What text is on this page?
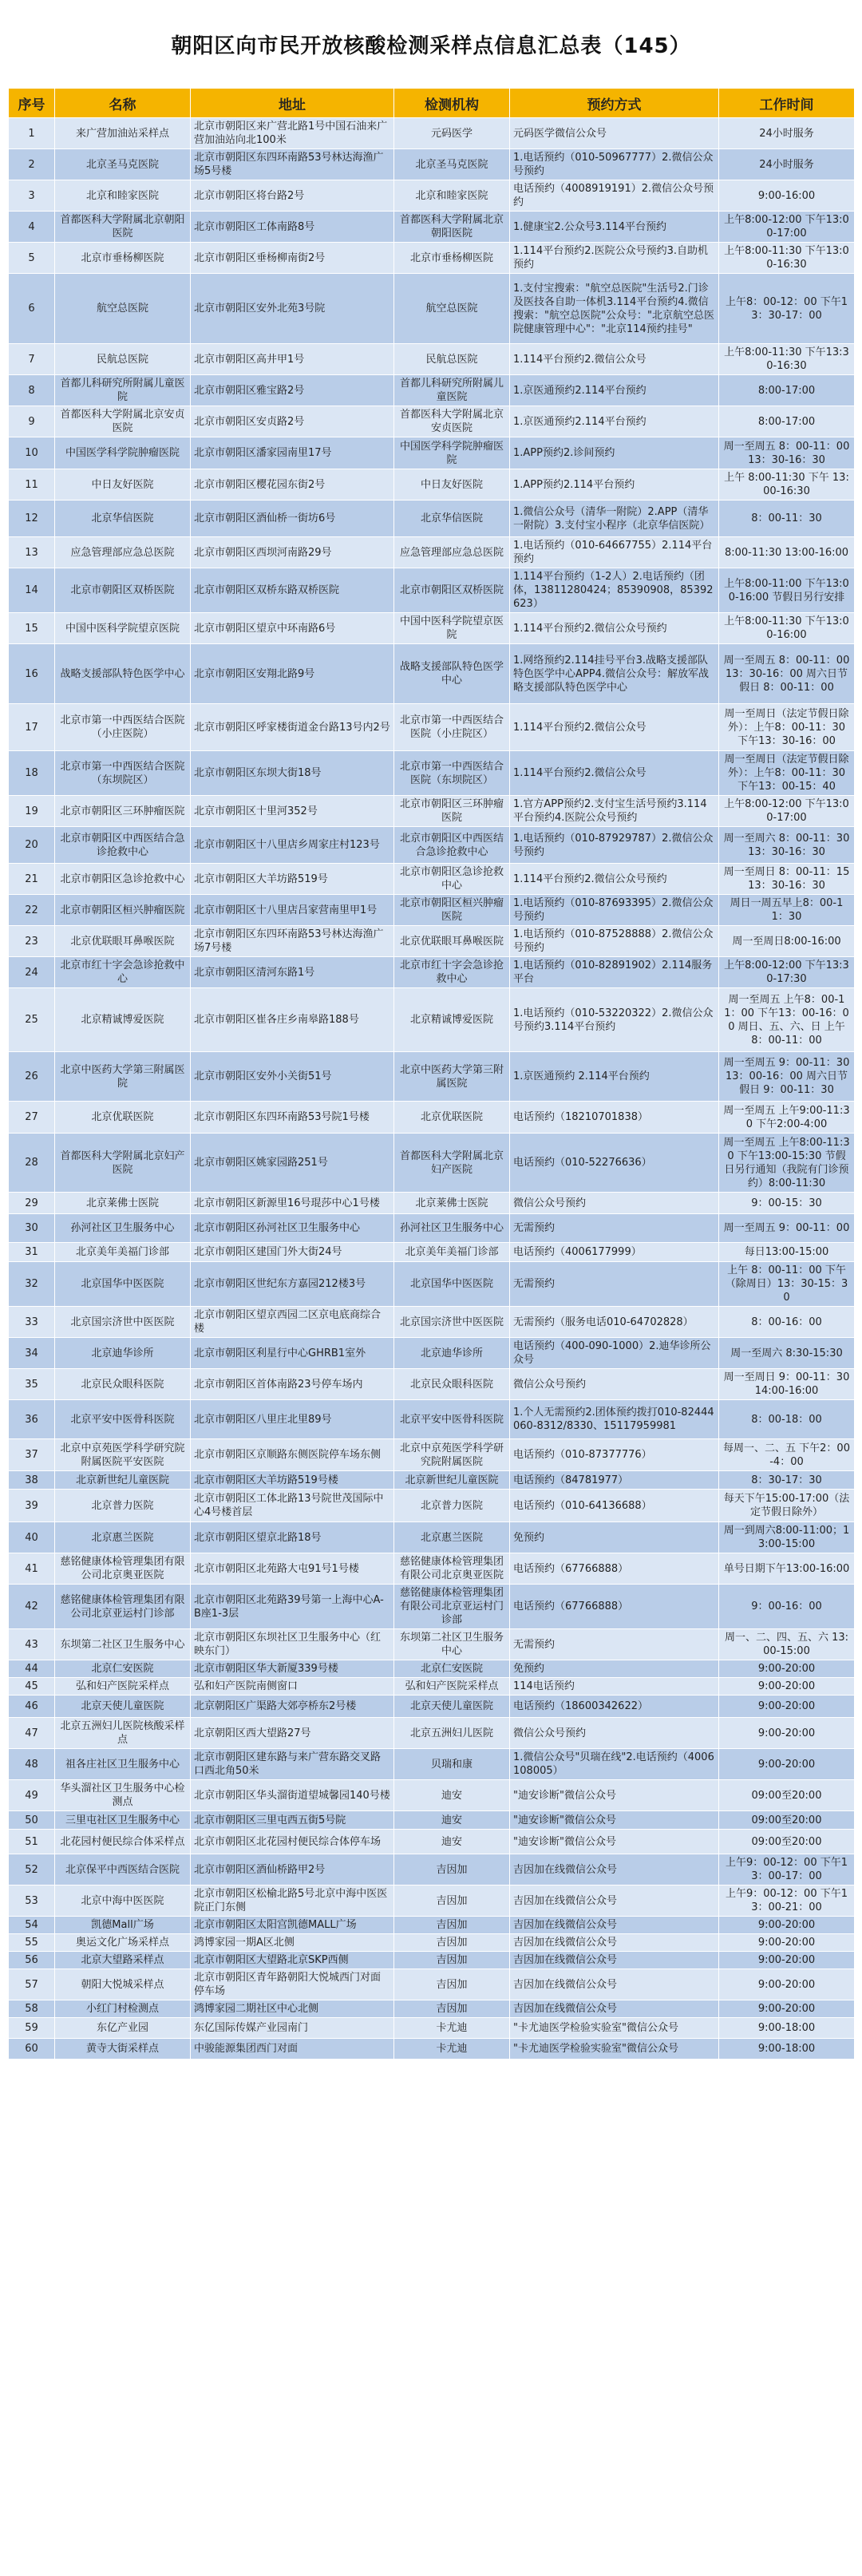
朝阳区向市民开放核酸检测采样点信息汇总表（145）
序号	名称	地址	检测机构	预约方式	工作时间
1	来广营加油站采样点	北京市朝阳区来广营北路1号中国石油来广营加油站向北100米	元码医学	元码医学微信公众号	24小时服务
2	北京圣马克医院	北京市朝阳区东四环南路53号林达海渔广场5号楼	北京圣马克医院	1.电话预约（010-50967777）2.微信公众号预约	24小时服务
3	北京和睦家医院	北京市朝阳区将台路2号	北京和睦家医院	电话预约（4008919191）2.微信公众号预约	9:00-16:00
4	首都医科大学附属北京朝阳医院	北京市朝阳区工体南路8号	首都医科大学附属北京朝阳医院	1.健康宝2.公众号3.114平台预约	上午8:00-12:00 下午13:00-17:00
5	北京市垂杨柳医院	北京市朝阳区垂杨柳南街2号	北京市垂杨柳医院	1.114平台预约2.医院公众号预约3.自助机预约	上午8:00-11:30 下午13:00-16:30
6	航空总医院	北京市朝阳区安外北苑3号院	航空总医院	1.支付宝搜索："航空总医院"生活号2.门诊及医技各自助一体机3.114平台预约4.微信搜索："航空总医院"公众号："北京航空总医院健康管理中心"："北京114预约挂号"	上午8：00-12：00 下午13：30-17：00
7	民航总医院	北京市朝阳区高井甲1号	民航总医院	1.114平台预约2.微信公众号	上午8:00-11:30 下午13:30-16:30
8	首都儿科研究所附属儿童医院	北京市朝阳区雅宝路2号	首都儿科研究所附属儿童医院	1.京医通预约2.114平台预约	8:00-17:00
9	首都医科大学附属北京安贞医院	北京市朝阳区安贞路2号	首都医科大学附属北京安贞医院	1.京医通预约2.114平台预约	8:00-17:00
10	中国医学科学院肿瘤医院	北京市朝阳区潘家园南里17号	中国医学科学院肿瘤医院	1.APP预约2.诊间预约	周一至周五 8：00-11：00 13：30-16：30
11	中日友好医院	北京市朝阳区樱花园东街2号	中日友好医院	1.APP预约2.114平台预约	上午 8:00-11:30 下午 13:00-16:30
12	北京华信医院	北京市朝阳区酒仙桥一街坊6号	北京华信医院	1.微信公众号（清华一附院）2.APP（清华一附院）3.支付宝小程序（北京华信医院）	8：00-11：30
13	应急管理部应急总医院	北京市朝阳区西坝河南路29号	应急管理部应急总医院	1.电话预约（010-64667755）2.114平台预约	8:00-11:30 13:00-16:00
14	北京市朝阳区双桥医院	北京市朝阳区双桥东路双桥医院	北京市朝阳区双桥医院	1.114平台预约（1-2人）2.电话预约（团体，13811280424；85390908，85392623）	上午8:00-11:00 下午13:00-16:00 节假日另行安排
15	中国中医科学院望京医院	北京市朝阳区望京中环南路6号	中国中医科学院望京医院	1.114平台预约2.微信公众号预约	上午8:00-11:30 下午13:00-16:00
16	战略支援部队特色医学中心	北京市朝阳区安翔北路9号	战略支援部队特色医学中心	1.网络预约2.114挂号平台3.战略支援部队特色医学中心APP4.微信公众号：解放军战略支援部队特色医学中心	周一至周五 8：00-11：00 13：30-16：00 周六日节假日 8：00-11：00
17	北京市第一中西医结合医院（小庄医院）	北京市朝阳区呼家楼街道金台路13号内2号	北京市第一中西医结合医院（小庄院区）	1.114平台预约2.微信公众号	周一至周日（法定节假日除外）：上午8：00-11：30 下午13：30-16：00
18	北京市第一中西医结合医院（东坝院区）	北京市朝阳区东坝大街18号	北京市第一中西医结合医院（东坝院区）	1.114平台预约2.微信公众号	周一至周日（法定节假日除外）：上午8：00-11：30 下午13：00-15：40
19	北京市朝阳区三环肿瘤医院	北京市朝阳区十里河352号	北京市朝阳区三环肿瘤医院	1.官方APP预约2.支付宝生活号预约3.114平台预约4.医院公众号预约	上午8:00-12:00 下午13:00-17:00
20	北京市朝阳区中西医结合急诊抢救中心	北京市朝阳区十八里店乡周家庄村123号	北京市朝阳区中西医结合急诊抢救中心	1.电话预约（010-87929787）2.微信公众号预约	周一至周六 8：00-11：30 13：30-16：30
21	北京市朝阳区急诊抢救中心	北京市朝阳区大羊坊路519号	北京市朝阳区急诊抢救中心	1.114平台预约2.微信公众号预约	周一至周日 8：00-11：15 13：30-16：30
22	北京市朝阳区桓兴肿瘤医院	北京市朝阳区十八里店吕家营南里甲1号	北京市朝阳区桓兴肿瘤医院	1.电话预约（010-87693395）2.微信公众号预约	周日一周五早上8：00-11：30
23	北京优联眼耳鼻喉医院	北京市朝阳区东四环南路53号林达海渔广场7号楼	北京优联眼耳鼻喉医院	1.电话预约（010-87528888）2.微信公众号预约	周一至周日8:00-16:00
24	北京市红十字会急诊抢救中心	北京市朝阳区清河东路1号	北京市红十字会急诊抢救中心	1.电话预约（010-82891902）2.114服务平台	上午8:00-12:00 下午13:30-17:30
25	北京精诚博爱医院	北京市朝阳区崔各庄乡南皋路188号	北京精诚博爱医院	1.电话预约（010-53220322）2.微信公众号预约3.114平台预约	周一至周五 上午8：00-11：00 下午13：00-16：00 周日、五、六、日 上午8：00-11：00
26	北京中医药大学第三附属医院	北京市朝阳区安外小关街51号	北京中医药大学第三附属医院	1.京医通预约 2.114平台预约	周一至周五 9：00-11：30 13：00-16：00 周六日节假日 9：00-11：30
27	北京优联医院	北京市朝阳区东四环南路53号院1号楼	北京优联医院	电话预约（18210701838）	周一至周五 上午9:00-11:30 下午2:00-4:00
28	首都医科大学附属北京妇产医院	北京市朝阳区姚家园路251号	首都医科大学附属北京妇产医院	电话预约（010-52276636）	周一至周五 上午8:00-11:30 下午13:00-15:30 节假日另行通知（我院有门诊预约）8:00-11:30
29	北京莱佛士医院	北京市朝阳区新源里16号琨莎中心1号楼	北京莱佛士医院	微信公众号预约	9：00-15：30
30	孙河社区卫生服务中心	北京市朝阳区孙河社区卫生服务中心	孙河社区卫生服务中心	无需预约	周一至周五 9：00-11：00
31	北京美年美福门诊部	北京市朝阳区建国门外大街24号	北京美年美福门诊部	电话预约（4006177999）	每日13:00-15:00
32	北京国华中医医院	北京市朝阳区世纪东方嘉园212楼3号	北京国华中医医院	无需预约	上午 8：00-11：00 下午（除周日）13：30-15：30
33	北京国宗济世中医医院	北京市朝阳区望京西园二区京电底商综合楼	北京国宗济世中医医院	无需预约（服务电话010-64702828）	8：00-16：00
34	北京迪华诊所	北京市朝阳区利星行中心GHRB1室外	北京迪华诊所	电话预约（400-090-1000）2.迪华诊所公众号	周一至周六 8:30-15:30
35	北京民众眼科医院	北京市朝阳区首体南路23号停车场内	北京民众眼科医院	微信公众号预约	周一至周日 9：00-11：30 14:00-16:00
36	北京平安中医骨科医院	北京市朝阳区八里庄北里89号	北京平安中医骨科医院	1.个人无需预约2.团体预约拨打010-82444060-8312/8330、15117959981	8：00-18：00
37	北京中京苑医学科学研究院附属医院平安医院	北京市朝阳区京顺路东侧医院停车场东侧	北京中京苑医学科学研究院附属医院	电话预约（010-87377776）	每周一、二、五 下午2：00-4：00
38	北京新世纪儿童医院	北京市朝阳区大羊坊路519号楼	北京新世纪儿童医院	电话预约（84781977）	8：30-17：30
39	北京普力医院	北京市朝阳区工体北路13号院世茂国际中心4号楼首层	北京普力医院	电话预约（010-64136688）	每天下午15:00-17:00（法定节假日除外）
40	北京惠兰医院	北京市朝阳区望京北路18号	北京惠兰医院	免预约	周一到周六8:00-11:00；13:00-15:00
41	慈铭健康体检管理集团有限公司北京奥亚医院	北京市朝阳区北苑路大屯91号1号楼	慈铭健康体检管理集团有限公司北京奥亚医院	电话预约（67766888）	单号日期下午13:00-16:00
42	慈铭健康体检管理集团有限公司北京亚运村门诊部	北京市朝阳区北苑路39号第一上海中心A-B座1-3层	慈铭健康体检管理集团有限公司北京亚运村门诊部	电话预约（67766888）	9：00-16：00
43	东坝第二社区卫生服务中心	北京市朝阳区东坝社区卫生服务中心（红映东门）	东坝第二社区卫生服务中心	无需预约	周一、二、四、五、六 13:00-15:00
44	北京仁安医院	北京市朝阳区华大新厦339号楼	北京仁安医院	免预约	9:00-20:00
45	弘和妇产医院采样点	弘和妇产医院南侧窗口	弘和妇产医院采样点	114电话预约	9:00-20:00
46	北京天使儿童医院	北京朝阳区广渠路大郊亭桥东2号楼	北京天使儿童医院	电话预约（18600342622）	9:00-20:00
47	北京五洲妇儿医院核酸采样点	北京朝阳区西大望路27号	北京五洲妇儿医院	微信公众号预约	9:00-20:00
48	祖各庄社区卫生服务中心	北京市朝阳区建东路与来广营东路交叉路口西北角50米	贝瑞和康	1.微信公众号"贝瑞在线"2.电话预约（4006108005）	9:00-20:00
49	华头溜社区卫生服务中心检测点	北京市朝阳区华头溜街道望城馨园140号楼	迪安	"迪安诊断"微信公众号	09:00至20:00
50	三里屯社区卫生服务中心	北京市朝阳区三里屯西五街5号院	迪安	"迪安诊断"微信公众号	09:00至20:00
51	北花园村便民综合体采样点	北京市朝阳区北花园村便民综合体停车场	迪安	"迪安诊断"微信公众号	09:00至20:00
52	北京保平中西医结合医院	北京市朝阳区酒仙桥路甲2号	吉因加	吉因加在线微信公众号	上午9：00-12：00 下午13：00-17：00
53	北京中海中医医院	北京市朝阳区松榆北路5号北京中海中医医院正门东侧	吉因加	吉因加在线微信公众号	上午9：00-12：00 下午13：00-21：00
54	凯德Mall广场	北京市朝阳区太阳宫凯德MALL广场	吉因加	吉因加在线微信公众号	9:00-20:00
55	奥运文化广场采样点	鸿博家园一期A区北侧	吉因加	吉因加在线微信公众号	9:00-20:00
56	北京大望路采样点	北京市朝阳区大望路北京SKP西侧	吉因加	吉因加在线微信公众号	9:00-20:00
57	朝阳大悦城采样点	北京市朝阳区青年路朝阳大悦城西门对面停车场	吉因加	吉因加在线微信公众号	9:00-20:00
58	小红门村检测点	鸿博家园二期社区中心北侧	吉因加	吉因加在线微信公众号	9:00-20:00
59	东亿产业园	东亿国际传媒产业园南门	卡尤迪	"卡尤迪医学检验实验室"微信公众号	9:00-18:00
60	黄寺大街采样点	中骏能源集团西门对面	卡尤迪	"卡尤迪医学检验实验室"微信公众号	9:00-18:00
